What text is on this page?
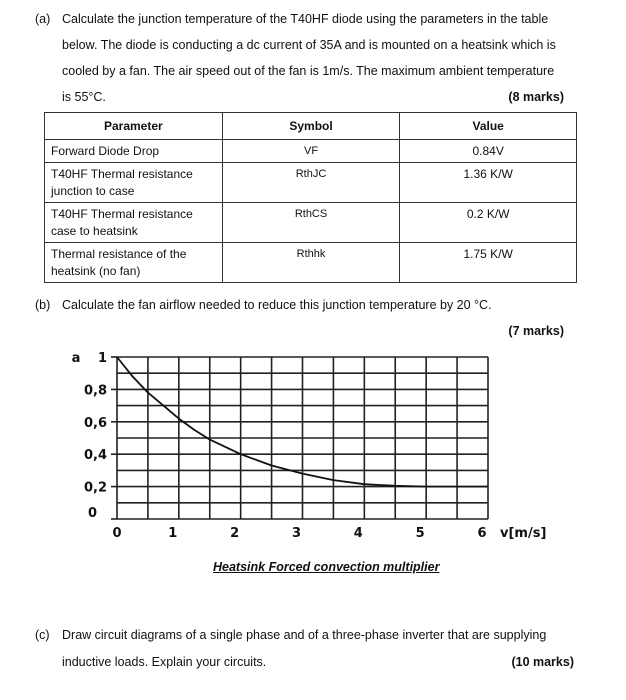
(a) Calculate the junction temperature of the T40HF diode using the parameters in the table
below. The diode is conducting a dc current of 35A and is mounted on a heatsink which is
cooled by a fan. The air speed out of the fan is 1m/s. The maximum ambient temperature
is 55°C.	(8 marks)
Parameter	Symbol	Value
Forward Diode Drop	VF	0.84V
T40HF Thermal resistance junction to case	RthJC	1.36 K/W
T40HF Thermal resistance case to heatsink	RthCS	0.2 K/W
Thermal resistance of the heatsink (no fan)	Rthhk	1.75 K/W
(b) Calculate the fan airflow needed to reduce this junction temperature by 20 °C.
(7 marks)
0
0,2
0,4
0,6
0,8
1
a
0	1	2	3	4	5	6 v[m/s]
Heatsink Forced convection multiplier
(c) Draw circuit diagrams of a single phase and of a three-phase inverter that are supplying
inductive loads. Explain your circuits.	(10 marks)
